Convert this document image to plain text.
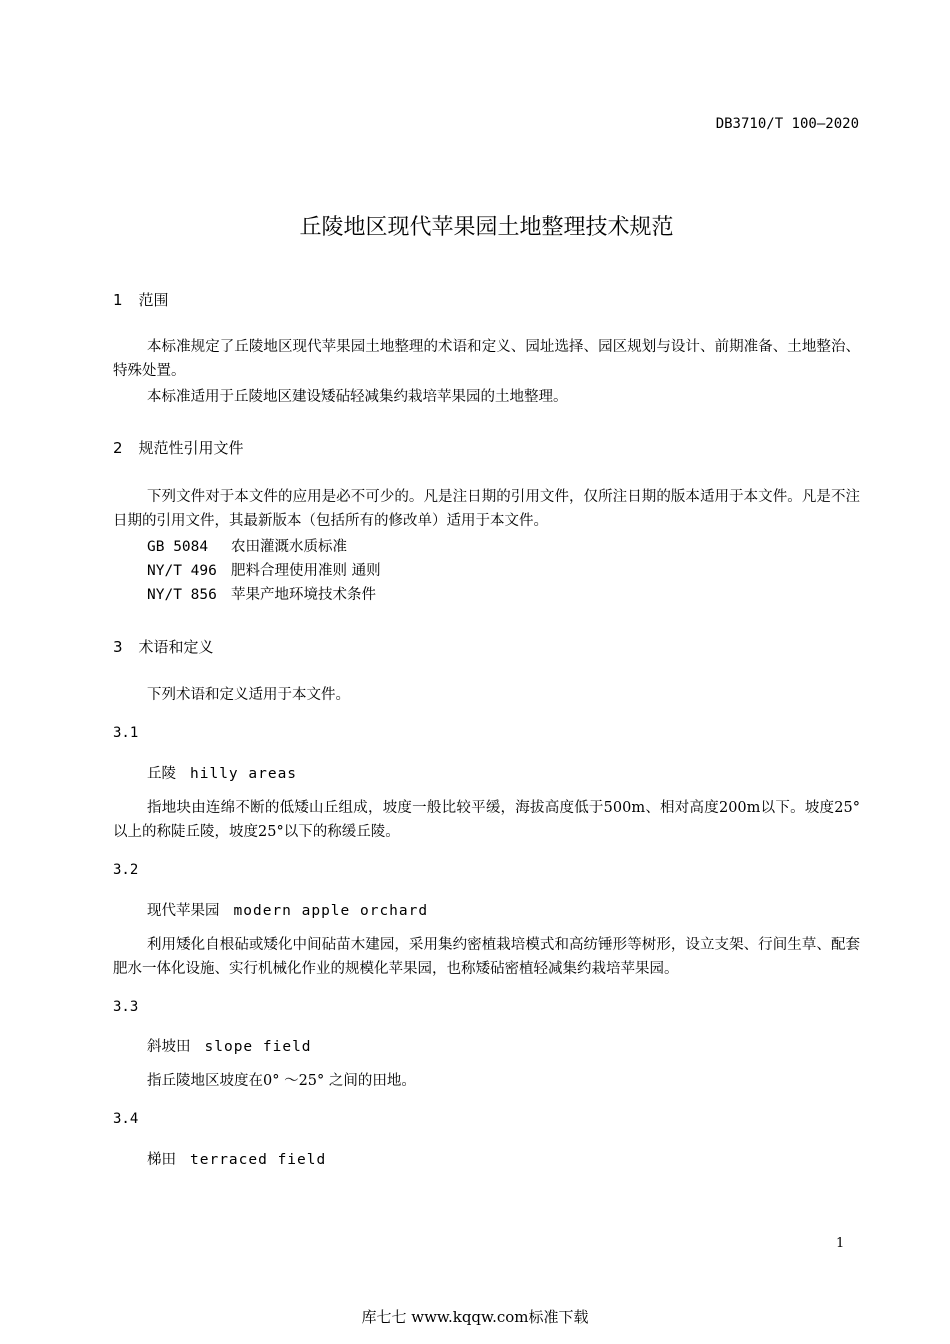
DB3710/T 100—2020
丘陵地区现代苹果园土地整理技术规范
1 范围
本标准规定了丘陵地区现代苹果园土地整理的术语和定义、园址选择、园区规划与设计、前期准备、土地整治、特殊处置。
本标准适用于丘陵地区建设矮砧轻减集约栽培苹果园的土地整理。
2 规范性引用文件
下列文件对于本文件的应用是必不可少的。凡是注日期的引用文件，仅所注日期的版本适用于本文件。凡是不注日期的引用文件，其最新版本（包括所有的修改单）适用于本文件。
GB 5084 农田灌溉水质标准
NY/T 496 肥料合理使用准则 通则
NY/T 856 苹果产地环境技术条件
3 术语和定义
下列术语和定义适用于本文件。
3.1
丘陵 hilly areas
指地块由连绵不断的低矮山丘组成，坡度一般比较平缓，海拔高度低于500m、相对高度200m以下。坡度25°以上的称陡丘陵，坡度25°以下的称缓丘陵。
3.2
现代苹果园 modern apple orchard
利用矮化自根砧或矮化中间砧苗木建园，采用集约密植栽培模式和高纺锤形等树形，设立支架、行间生草、配套肥水一体化设施、实行机械化作业的规模化苹果园，也称矮砧密植轻减集约栽培苹果园。
3.3
斜坡田 slope field
指丘陵地区坡度在0° ～25° 之间的田地。
3.4
梯田 terraced field
1
库七七 www.kqqw.com标准下载
